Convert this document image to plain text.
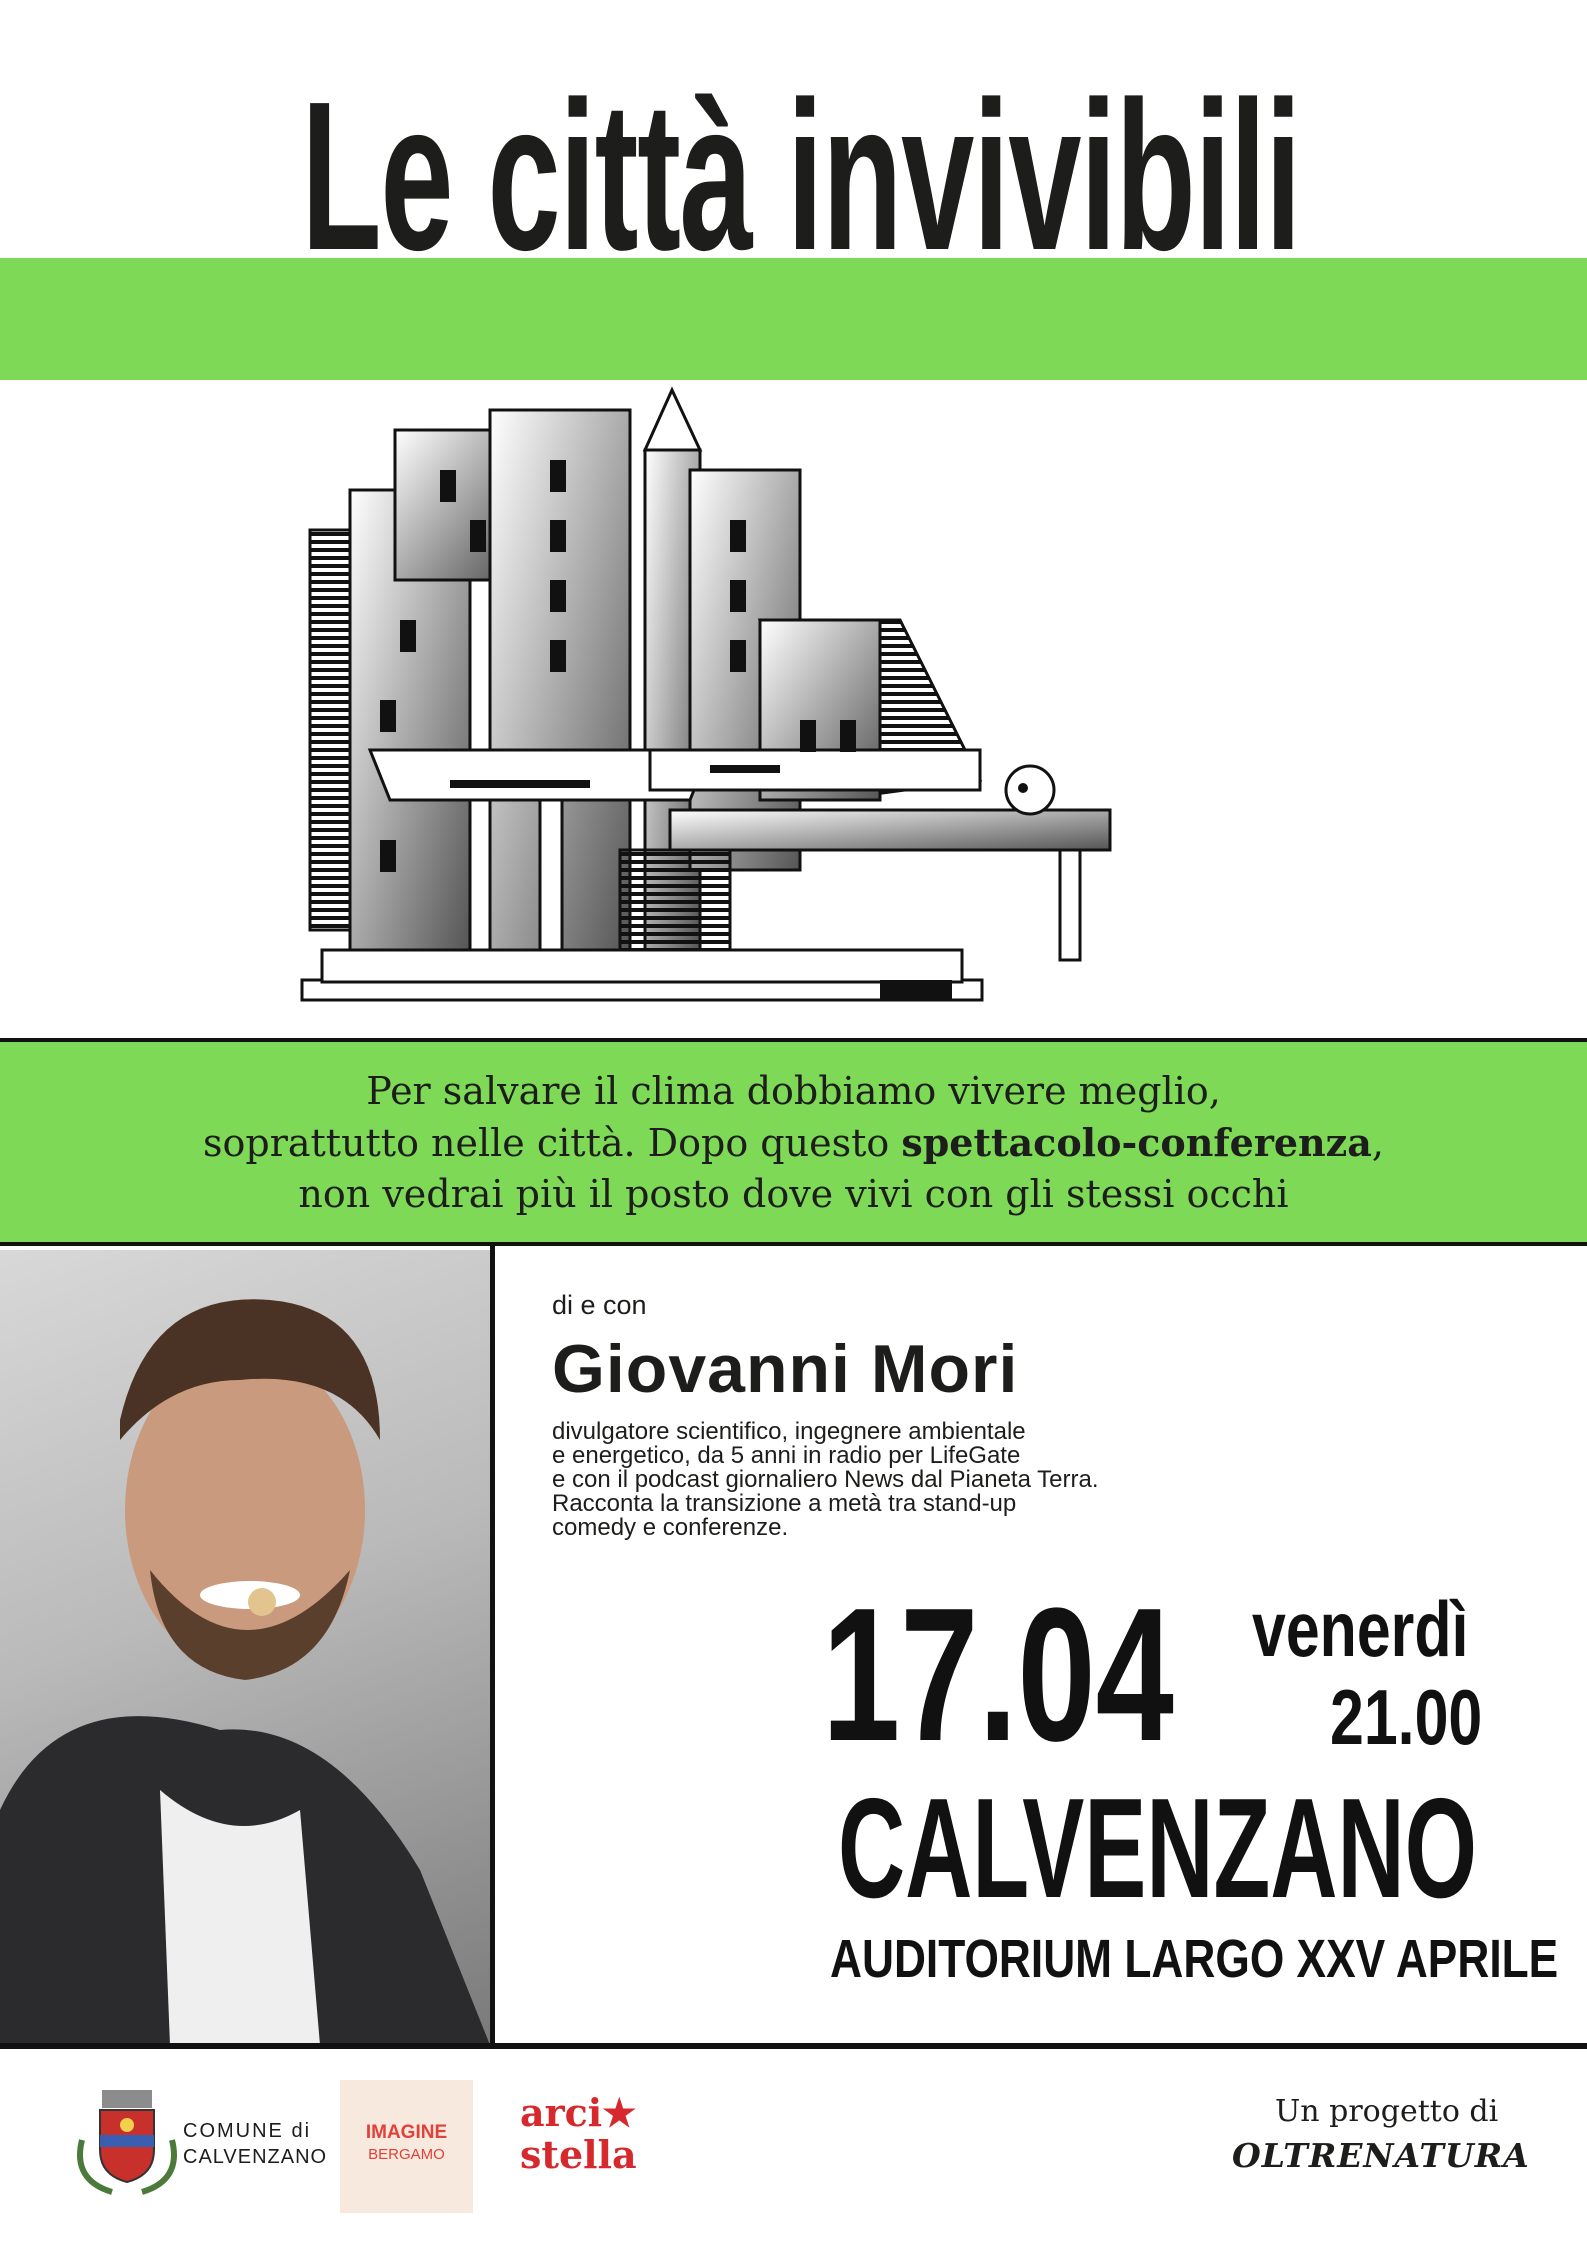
Le città invivibili
Per salvare il clima dobbiamo vivere meglio,
soprattutto nelle città. Dopo questo spettacolo-conferenza,
non vedrai più il posto dove vivi con gli stessi occhi
di e con
Giovanni Mori
divulgatore scientifico, ingegnere ambientale
e energetico, da 5 anni in radio per LifeGate
e con il podcast giornaliero News dal Pianeta Terra.
Racconta la transizione a metà tra stand-up
comedy e conferenze.
17.04 venerdì
21.00
CALVENZANO
AUDITORIUM LARGO XXV APRILE
COMUNE di
CALVENZANO
IMAGINE
BERGAMO
arci★
stella
Un progetto di
OLTRENATURA
